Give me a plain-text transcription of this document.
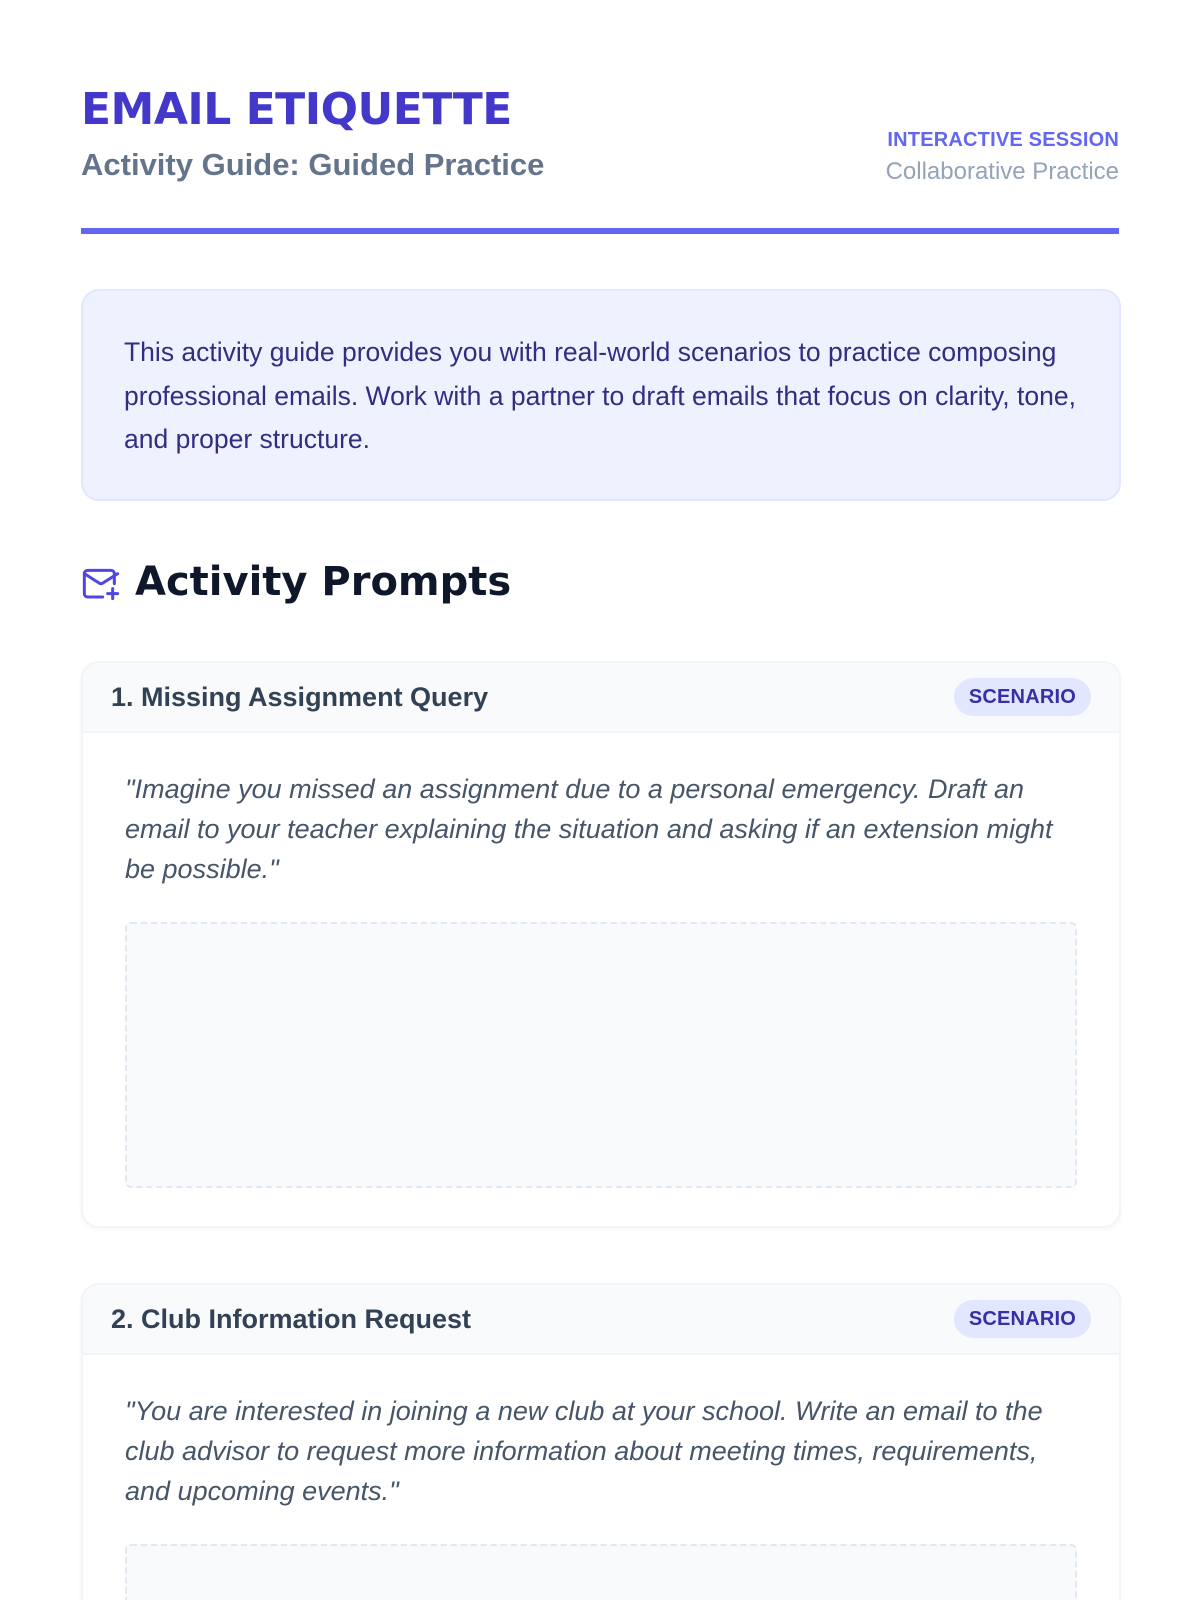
EMAIL ETIQUETTE
Activity Guide: Guided Practice
INTERACTIVE SESSION
Collaborative Practice

This activity guide provides you with real-world scenarios to practice composing professional emails. Work with a partner to draft emails that focus on clarity, tone, and proper structure.

Activity Prompts
1. Missing Assignment Query	SCENARIO

"Imagine you missed an assignment due to a personal emergency. Draft an email to your teacher explaining the situation and asking if an extension might be possible."

2. Club Information Request	SCENARIO

"You are interested in joining a new club at your school. Write an email to the club advisor to request more information about meeting times, requirements, and upcoming events."
